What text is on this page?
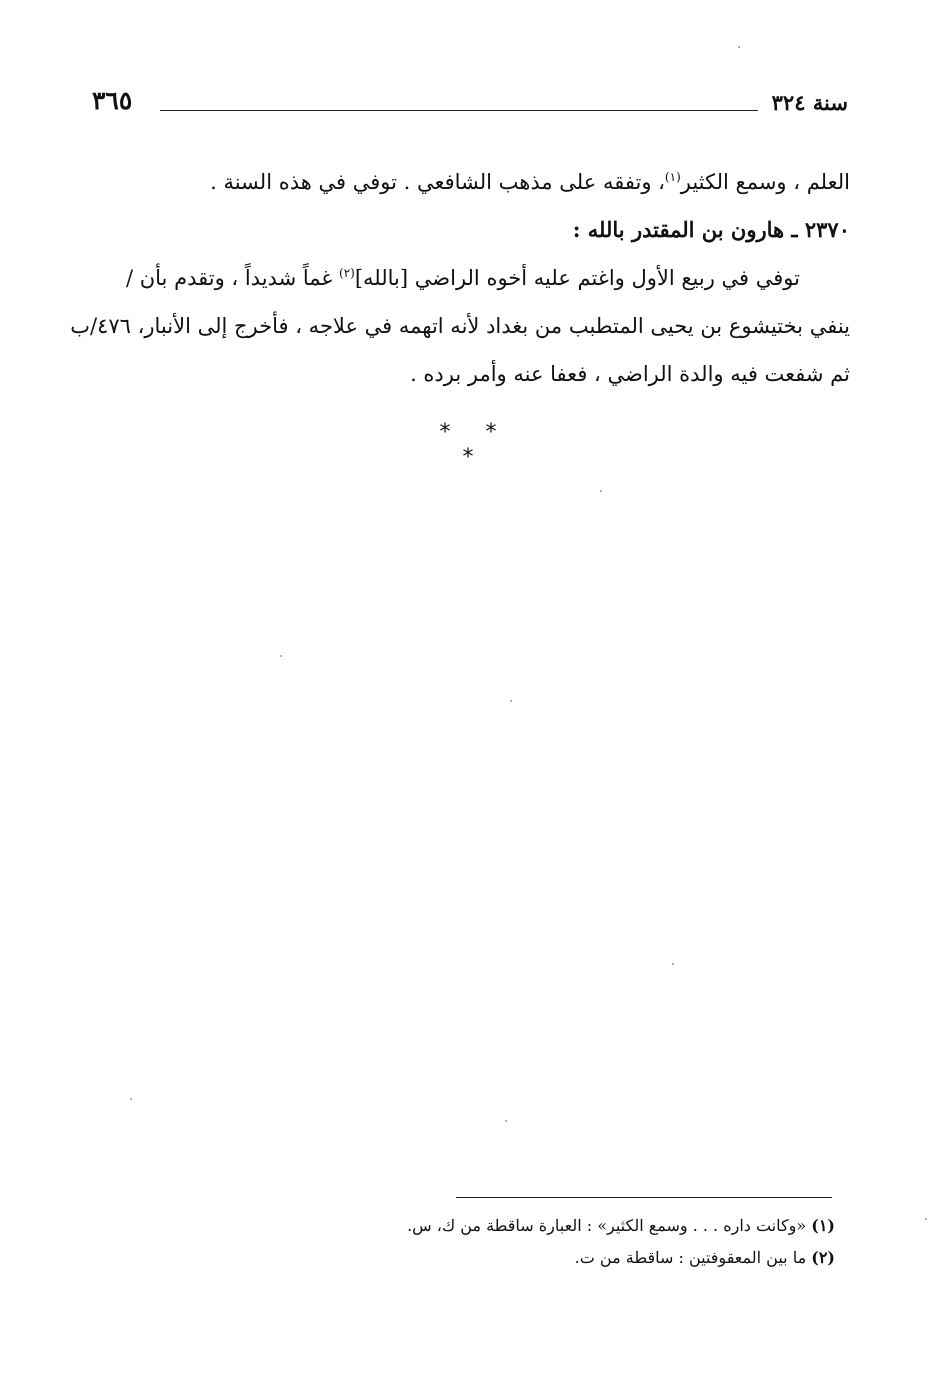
سنة ٣٢٤
٣٦٥
العلم ، وسمع الكثير$^{(١)}$، وتفقه على مذهب الشافعي . توفي في هذه السنة .
٢٣٧٠ ـ هارون بن المقتدر بالله :
توفي في ربيع الأول واغتم عليه أخوه الراضي [بالله]$^{(٢)}$ غماً شديداً ، وتقدم بأن /
ينفي بختيشوع بن يحيى المتطبب من بغداد لأنه اتهمه في علاجه ، فأخرج إلى الأنبار، ٤٧٦/ب
ثم شفعت فيه والدة الراضي ، فعفا عنه وأمر برده .
* * *
(١) «وكانت داره . . . وسمع الكثير» : العبارة ساقطة من ك، س.
(٢) ما بين المعقوفتين : ساقطة من ت.
